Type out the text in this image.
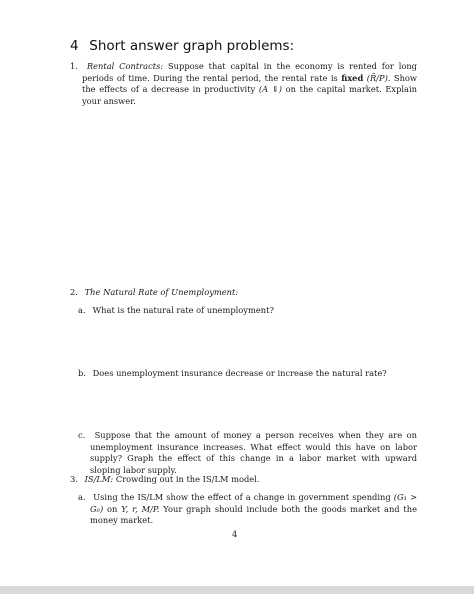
4 Short answer graph problems:
1. Rental Contracts: Suppose that capital in the economy is rented for long periods of time. During the rental period, the rental rate is fixed (R̄/P). Show the effects of a decrease in productivity (A ⇓) on the capital market. Explain your answer.
2. The Natural Rate of Unemployment:
a. What is the natural rate of unemployment?
b. Does unemployment insurance decrease or increase the natural rate?
c. Suppose that the amount of money a person receives when they are on unemployment insurance increases. What effect would this have on labor supply? Graph the effect of this change in a labor market with upward sloping labor supply.
3. IS/LM: Crowding out in the IS/LM model.
a. Using the IS/LM show the effect of a change in government spending (G₁ > G₀) on Y, r, M/P. Your graph should include both the goods market and the money market.
4
